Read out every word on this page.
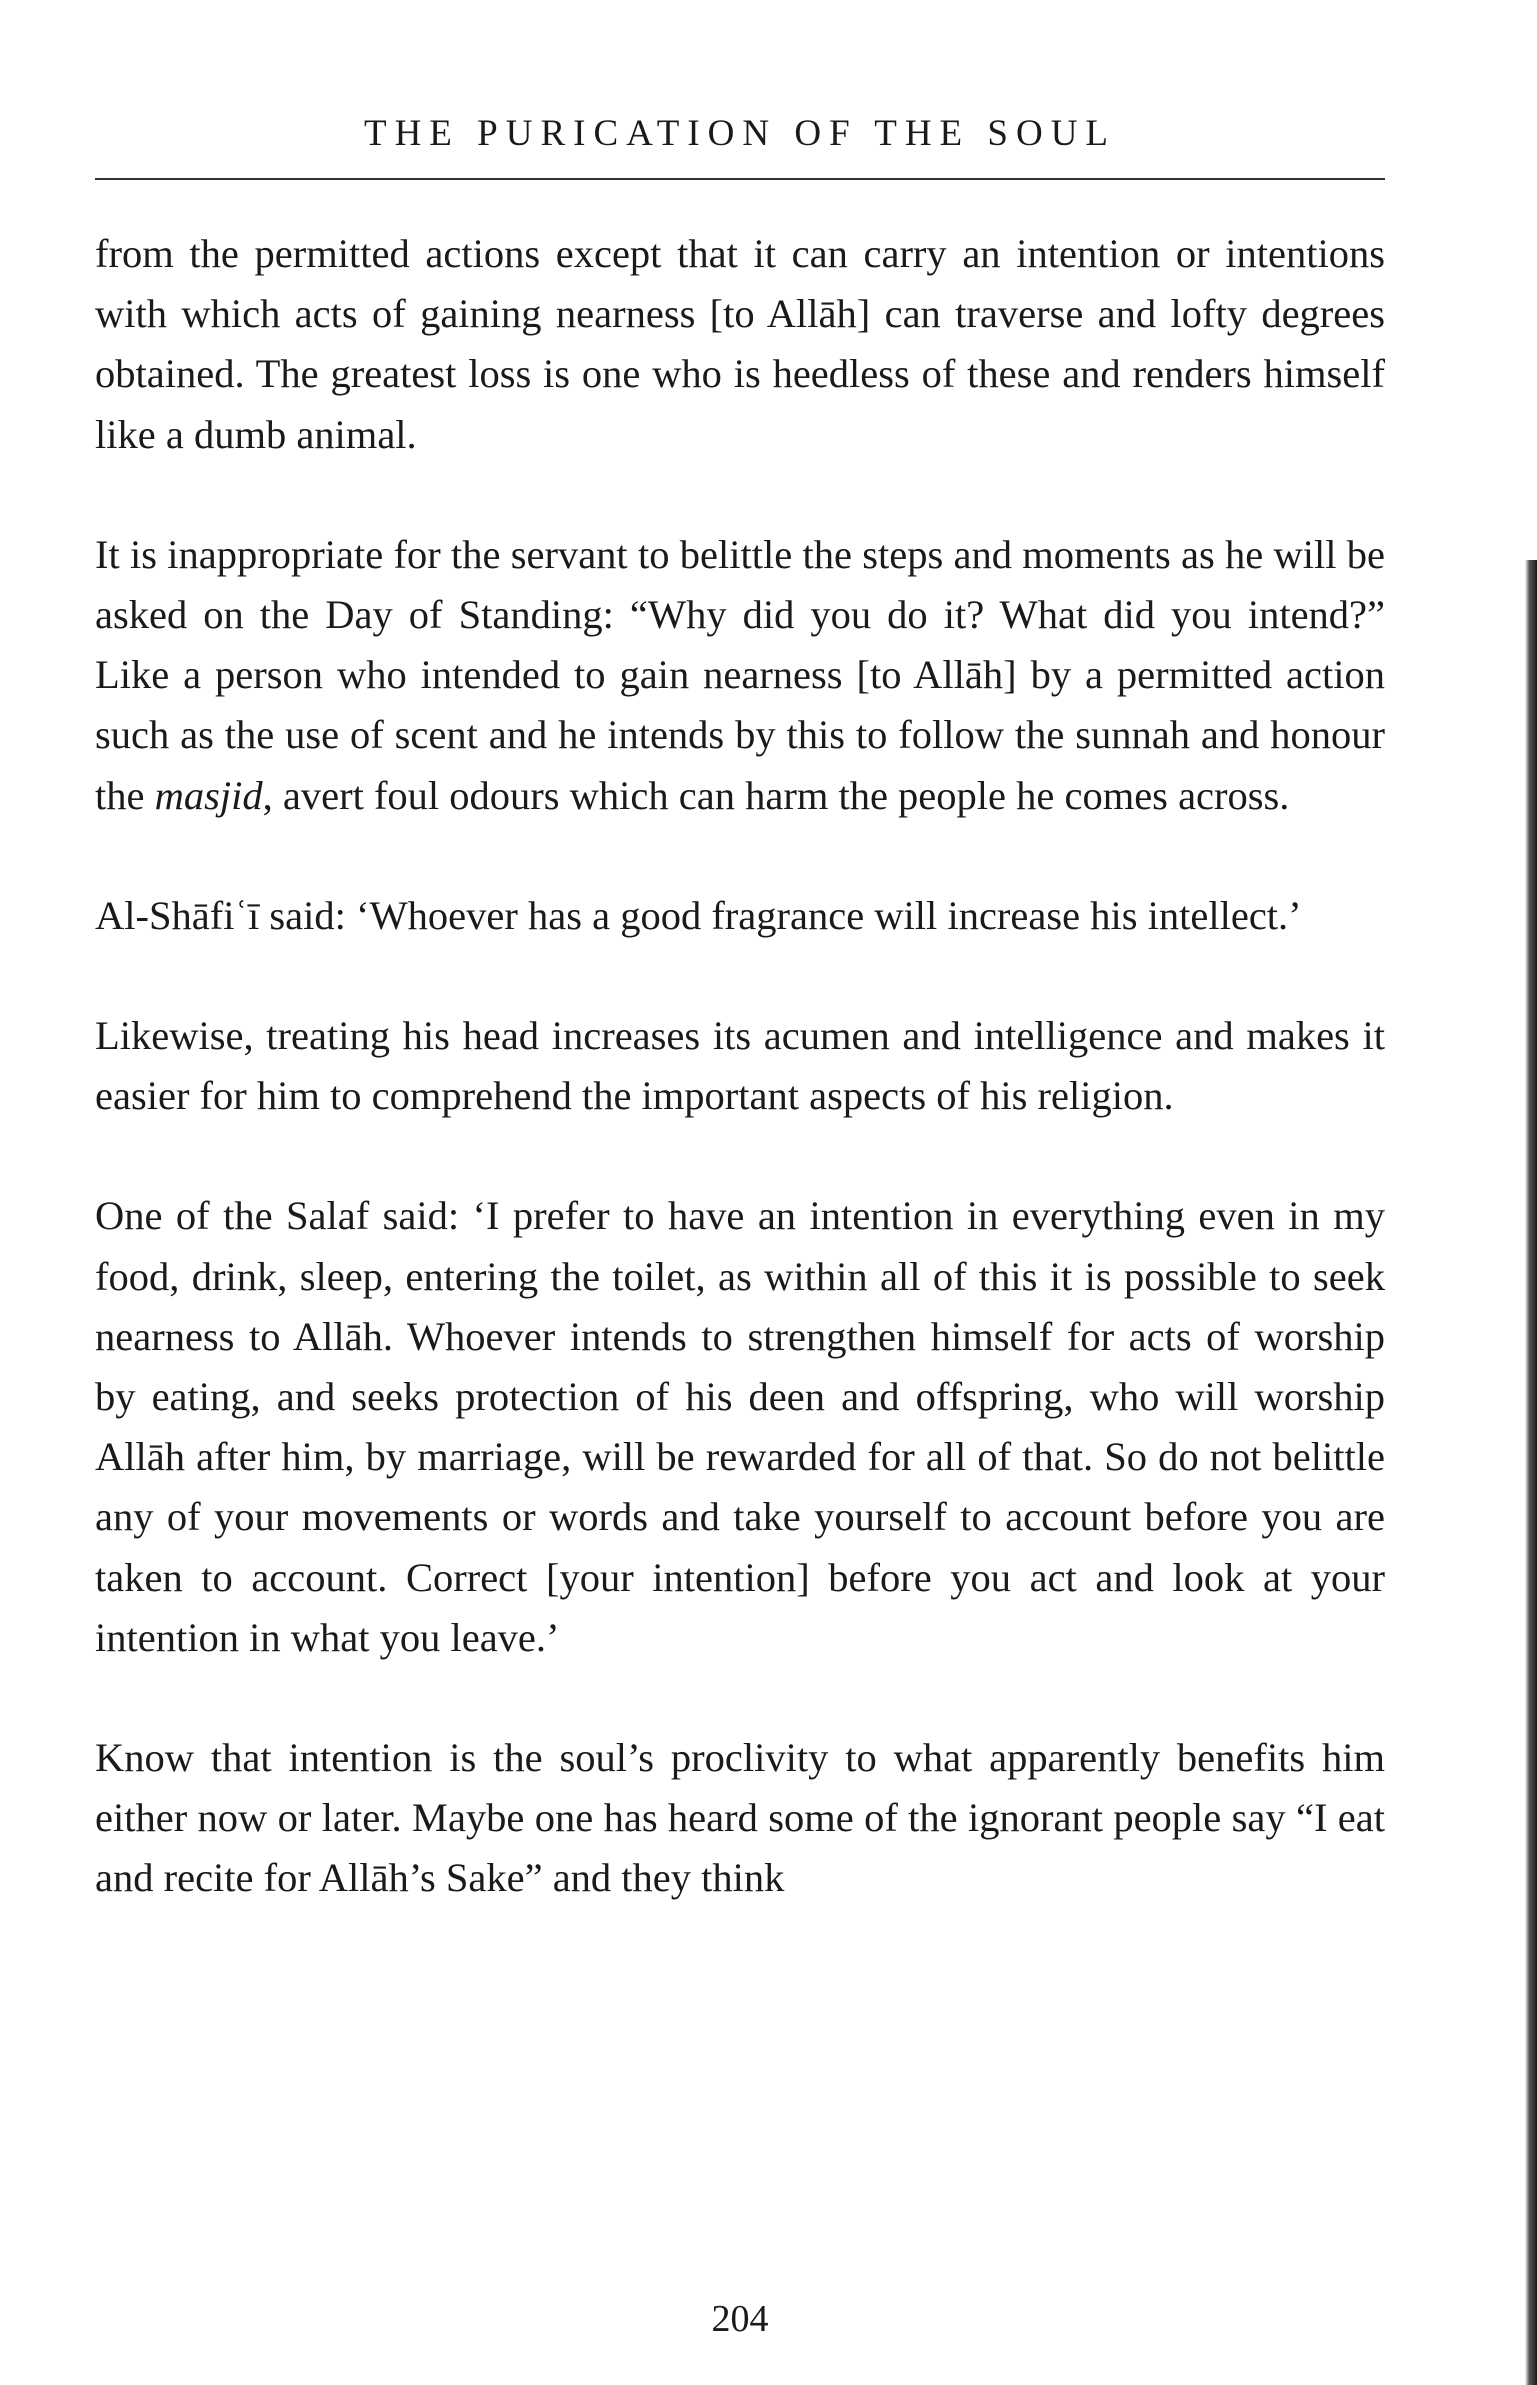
THE PURICATION OF THE SOUL

from the permitted actions except that it can carry an intention or intentions with which acts of gaining nearness [to Allāh] can traverse and lofty degrees obtained. The greatest loss is one who is heedless of these and renders himself like a dumb animal.

It is inappropriate for the servant to belittle the steps and moments as he will be asked on the Day of Standing: “Why did you do it? What did you intend?” Like a person who intended to gain nearness [to Allāh] by a permitted action such as the use of scent and he intends by this to follow the sunnah and honour the masjid, avert foul odours which can harm the people he comes across.

Al-Shāfiʿī said: ‘Whoever has a good fragrance will increase his intellect.’

Likewise, treating his head increases its acumen and intelligence and makes it easier for him to comprehend the important aspects of his religion.

One of the Salaf said: ‘I prefer to have an intention in everything even in my food, drink, sleep, entering the toilet, as within all of this it is possible to seek nearness to Allāh. Whoever intends to strengthen himself for acts of worship by eating, and seeks protection of his deen and offspring, who will worship Allāh after him, by marriage, will be rewarded for all of that. So do not belittle any of your movements or words and take yourself to account before you are taken to account. Correct [your intention] before you act and look at your intention in what you leave.’

Know that intention is the soul’s proclivity to what apparently benefits him either now or later. Maybe one has heard some of the ignorant people say “I eat and recite for Allāh’s Sake” and they think

204
